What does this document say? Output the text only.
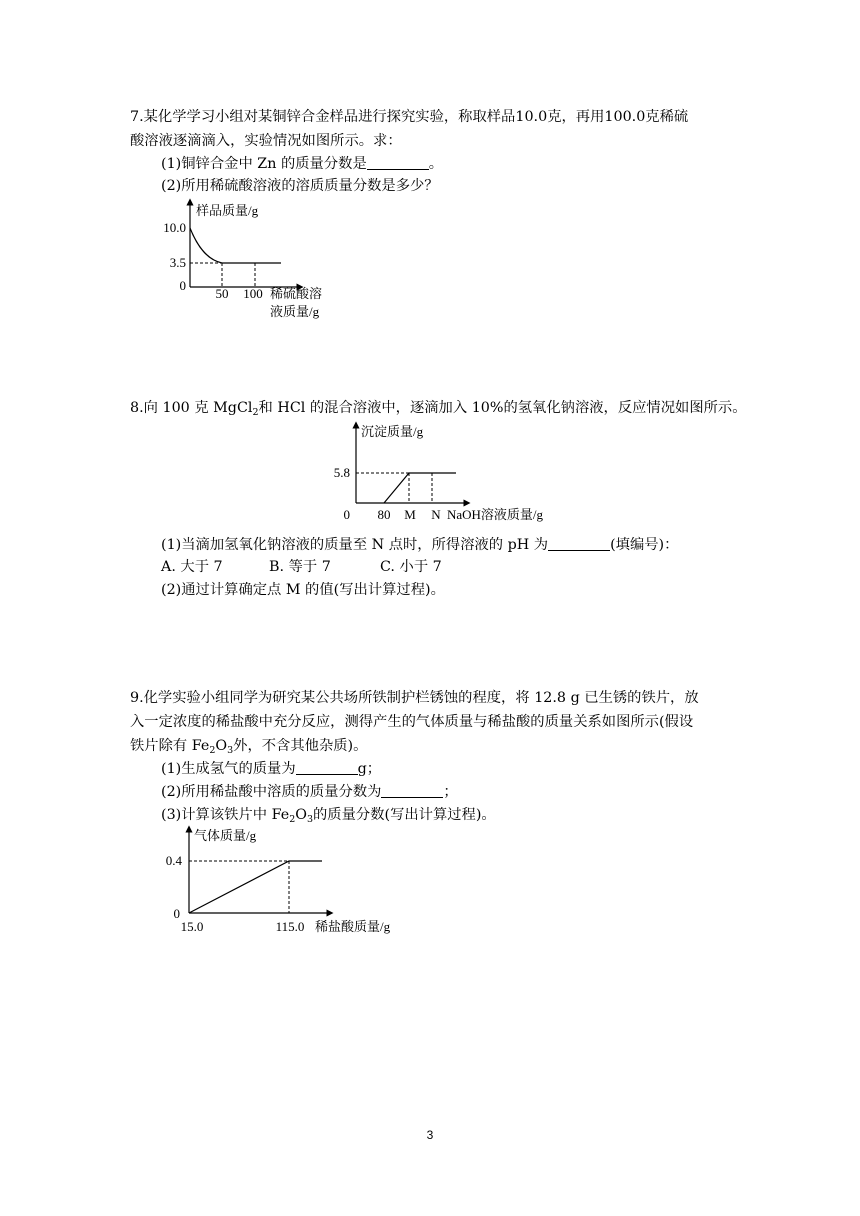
7.某化学学习小组对某铜锌合金样品进行探究实验，称取样品10.0克，再用100.0克稀硫
酸溶液逐滴滴入，实验情况如图所示。求：
(1)铜锌合金中 Zn 的质量分数是	。
(2)所用稀硫酸溶液的溶质质量分数是多少？
样品质量/g
10.0
3.5
0
50 100 稀硫酸溶
液质量/g
8.向 100 克 MgCl$_2$和 HCl 的混合溶液中，逐滴加入 10%的氢氧化钠溶液，反应情况如图所示。
沉淀质量/g
5.8
0 80 M N NaOH溶液质量/g
(1)当滴加氢氧化钠溶液的质量至 N 点时，所得溶液的 pH 为	(填编号)：
A. 大于 7	B. 等于 7	C. 小于 7
(2)通过计算确定点 M 的值(写出计算过程)。
9.化学实验小组同学为研究某公共场所铁制护栏锈蚀的程度，将 12.8 g 已生锈的铁片，放
入一定浓度的稀盐酸中充分反应，测得产生的气体质量与稀盐酸的质量关系如图所示(假设
铁片除有 $Fe_2O_3$外，不含其他杂质)。
(1)生成氢气的质量为	g；
(2)所用稀盐酸中溶质的质量分数为	；
(3)计算该铁片中 $Fe_2O_3$的质量分数(写出计算过程)。
气体质量/g
0.4
0
15.0	115.0 稀盐酸质量/g
3
